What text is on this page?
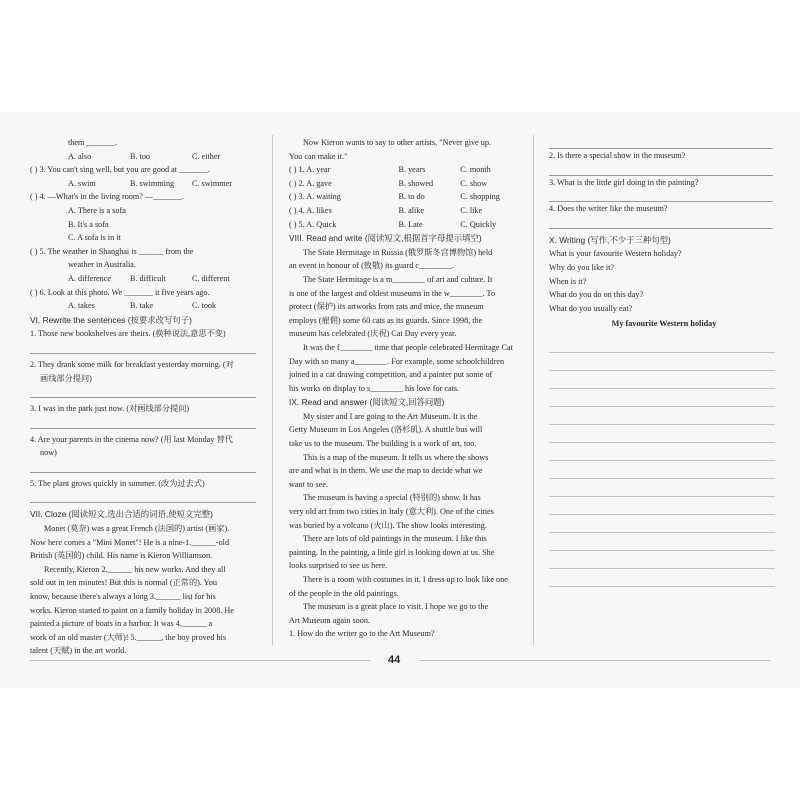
them _______.
A. also	B. too	C. either
( ) 3. You can't sing well, but you are good at _______.
A. swim	B. swimming	C. swimmer
( ) 4. —What's in the living room? —_______.
A. There is a sofa
B. It's a sofa
C. A sofa is in it
( ) 5. The weather in Shanghai is ______ from the
weather in Australia.
A. difference	B. difficult	C. different
( ) 6. Look at this photo. We _______ it five years ago.
A. takes	B. take	C. took
VI. Rewrite the sentences (按要求改写句子)
1. Those new bookshelves are theirs. (换种说法,意思不变)
2. They drank some milk for breakfast yesterday morning. (对
画线部分提问)
3. I was in the park just now. (对画线部分提问)
4. Are your parents in the cinema now? (用 last Monday 替代
now)
5. The plant grows quickly in summer. (改为过去式)
VII. Cloze (阅读短文,选出合适的词语,使短文完整)
Monet (莫奈) was a great French (法国的) artist (画家).
Now here comes a "Mini Monet"! He is a nine-1.______-old
British (英国的) child. His name is Kieron Williamson.
Recently, Kieron 2.______ his new works. And they all
sold out in ten minutes! But this is normal (正常的). You
know, because there's always a long 3.______ list for his
works. Kieron started to paint on a family holiday in 2008. He
painted a picture of boats in a harbor. It was 4.______ a
work of an old master (大师)! 5.______, the boy proved his
talent (天赋) in the art world.
Now Kieron wants to say to other artists, "Never give up.
You can make it."
( ) 1. A. year	B. years	C. month
( ) 2. A. gave	B. showed	C. show
( ) 3. A. waiting	B. to do	C. shopping
( ) 4. A. likes	B. alike	C. like
( ) 5. A. Quick	B. Late	C. Quickly
VIII. Read and write (阅读短文,根据首字母提示填空)
The State Hermitage in Russia (俄罗斯冬宫博物馆) held
an event in honour of (致敬) its guard c________.
The State Hermitage is a m________ of art and culture. It
is one of the largest and oldest museums in the w________. To
protect (保护) its artworks from rats and mice, the museum
employs (雇佣) some 60 cats as its guards. Since 1998, the
museum has celebrated (庆祝) Cat Day every year.
It was the f________ time that people celebrated Hermitage Cat
Day with so many a________. For example, some schoolchildren
joined in a cat drawing competition, and a painter put some of
his works on display to s________ his love for cats.
IX. Read and answer (阅读短文,回答问题)
My sister and I are going to the Art Museum. It is the
Getty Museum in Los Angeles (洛杉矶). A shuttle bus will
take us to the museum. The building is a work of art, too.
This is a map of the museum. It tells us where the shows
are and what is in them. We use the map to decide what we
want to see.
The museum is having a special (特别的) show. It has
very old art from two cities in Italy (意大利). One of the cities
was buried by a volcano (火山). The show looks interesting.
There are lots of old paintings in the museum. I like this
painting. In the painting, a little girl is looking down at us. She
looks surprised to see us here.
There is a room with costumes in it. I dress up to look like one
of the people in the old paintings.
The museum is a great place to visit. I hope we go to the
Art Museum again soon.
1. How do the writer go to the Art Museum?
2. Is there a special show in the museum?
3. What is the little girl doing in the painting?
4. Does the writer like the museum?
X. Writing (写作,不少于三种句型)
What is your favourite Western holiday?
Why do you like it?
When is it?
What do you do on this day?
What do you usually eat?
My favourite Western holiday
44
